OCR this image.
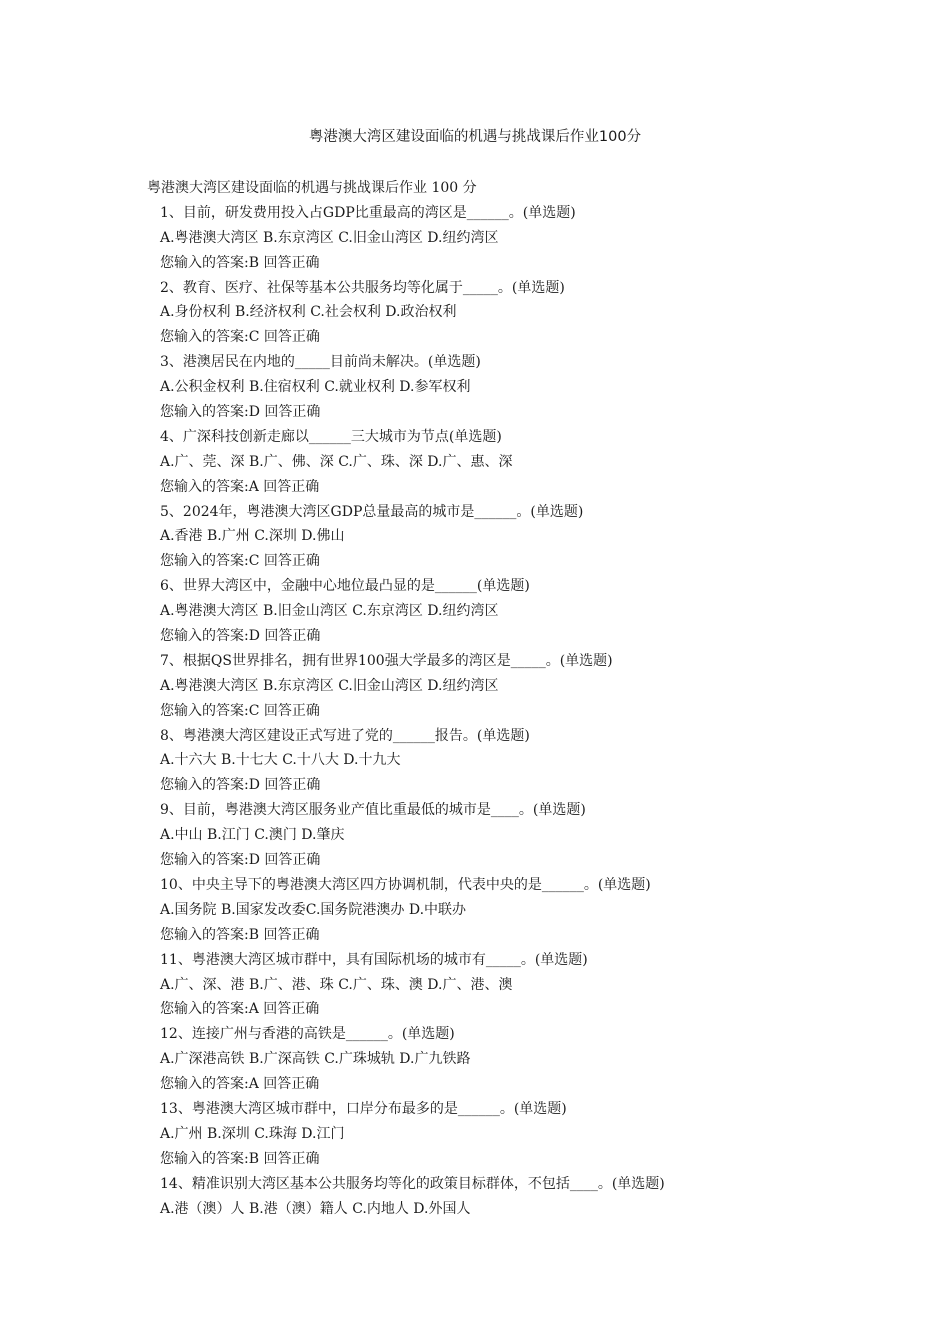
粤港澳大湾区建设面临的机遇与挑战课后作业100分
粤港澳大湾区建设面临的机遇与挑战课后作业 100 分
1、目前，研发费用投入占GDP比重最高的湾区是______。(单选题)
A.粤港澳大湾区 B.东京湾区 C.旧金山湾区 D.纽约湾区
您输入的答案:B 回答正确
2、教育、医疗、社保等基本公共服务均等化属于_____。(单选题)
A.身份权利 B.经济权利 C.社会权利 D.政治权利
您输入的答案:C 回答正确
3、港澳居民在内地的_____目前尚未解决。(单选题)
A.公积金权利 B.住宿权利 C.就业权利 D.参军权利
您输入的答案:D 回答正确
4、广深科技创新走廊以______三大城市为节点(单选题)
A.广、莞、深 B.广、佛、深 C.广、珠、深 D.广、惠、深
您输入的答案:A 回答正确
5、2024年，粤港澳大湾区GDP总量最高的城市是______。(单选题)
A.香港 B.广州 C.深圳 D.佛山
您输入的答案:C 回答正确
6、世界大湾区中，金融中心地位最凸显的是______(单选题)
A.粤港澳大湾区 B.旧金山湾区 C.东京湾区 D.纽约湾区
您输入的答案:D 回答正确
7、根据QS世界排名，拥有世界100强大学最多的湾区是_____。(单选题)
A.粤港澳大湾区 B.东京湾区 C.旧金山湾区 D.纽约湾区
您输入的答案:C 回答正确
8、粤港澳大湾区建设正式写进了党的______报告。(单选题)
A.十六大 B.十七大 C.十八大 D.十九大
您输入的答案:D 回答正确
9、目前，粤港澳大湾区服务业产值比重最低的城市是____。(单选题)
A.中山 B.江门 C.澳门 D.肇庆
您输入的答案:D 回答正确
10、中央主导下的粤港澳大湾区四方协调机制，代表中央的是______。(单选题)
A.国务院 B.国家发改委C.国务院港澳办 D.中联办
您输入的答案:B 回答正确
11、粤港澳大湾区城市群中，具有国际机场的城市有_____。(单选题)
A.广、深、港 B.广、港、珠 C.广、珠、澳 D.广、港、澳
您输入的答案:A 回答正确
12、连接广州与香港的高铁是______。(单选题)
A.广深港高铁 B.广深高铁 C.广珠城轨 D.广九铁路
您输入的答案:A 回答正确
13、粤港澳大湾区城市群中，口岸分布最多的是______。(单选题)
A.广州 B.深圳 C.珠海 D.江门
您输入的答案:B 回答正确
14、精准识别大湾区基本公共服务均等化的政策目标群体，不包括____。(单选题)
A.港（澳）人 B.港（澳）籍人 C.内地人 D.外国人
